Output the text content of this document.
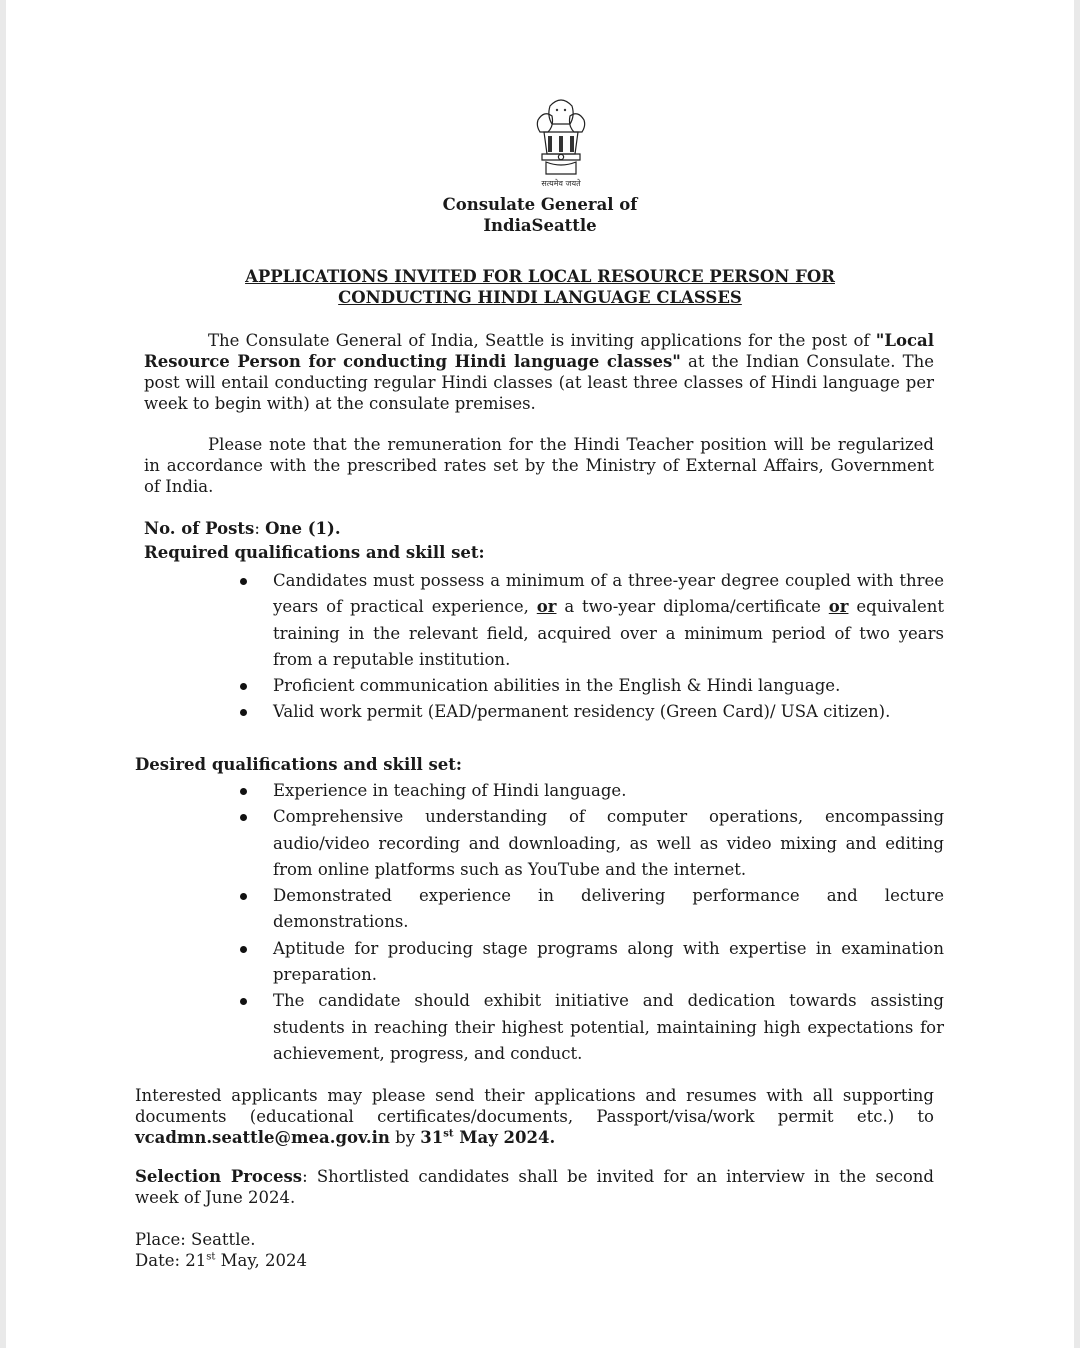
सत्यमेव जयते
Consulate General of
IndiaSeattle
APPLICATIONS INVITED FOR LOCAL RESOURCE PERSON FOR
CONDUCTING HINDI LANGUAGE CLASSES

The Consulate General of India, Seattle is inviting applications for the post of "Local Resource Person for conducting Hindi language classes" at the Indian Consulate. The post will entail conducting regular Hindi classes (at least three classes of Hindi language per week to begin with) at the consulate premises.

Please note that the remuneration for the Hindi Teacher position will be regularized in accordance with the prescribed rates set by the Ministry of External Affairs, Government of India.

No. of Posts: One (1).
Required qualifications and skill set:
Candidates must possess a minimum of a three-year degree coupled with three years of practical experience, or a two-year diploma/certificate or equivalent training in the relevant field, acquired over a minimum period of two years from a reputable institution.
Proficient communication abilities in the English & Hindi language.
Valid work permit (EAD/permanent residency (Green Card)/ USA citizen).
Desired qualifications and skill set:
Experience in teaching of Hindi language.
Comprehensive understanding of computer operations, encompassing audio/video recording and downloading, as well as video mixing and editing from online platforms such as YouTube and the internet.
Demonstrated experience in delivering performance and lecture demonstrations.
Aptitude for producing stage programs along with expertise in examination preparation.
The candidate should exhibit initiative and dedication towards assisting students in reaching their highest potential, maintaining high expectations for achievement, progress, and conduct.

Interested applicants may please send their applications and resumes with all supporting documents (educational certificates/documents, Passport/visa/work permit etc.) to vcadmn.seattle@mea.gov.in by 31st May 2024.

Selection Process: Shortlisted candidates shall be invited for an interview in the second week of June 2024.

Place: Seattle.

Date: 21st May, 2024
